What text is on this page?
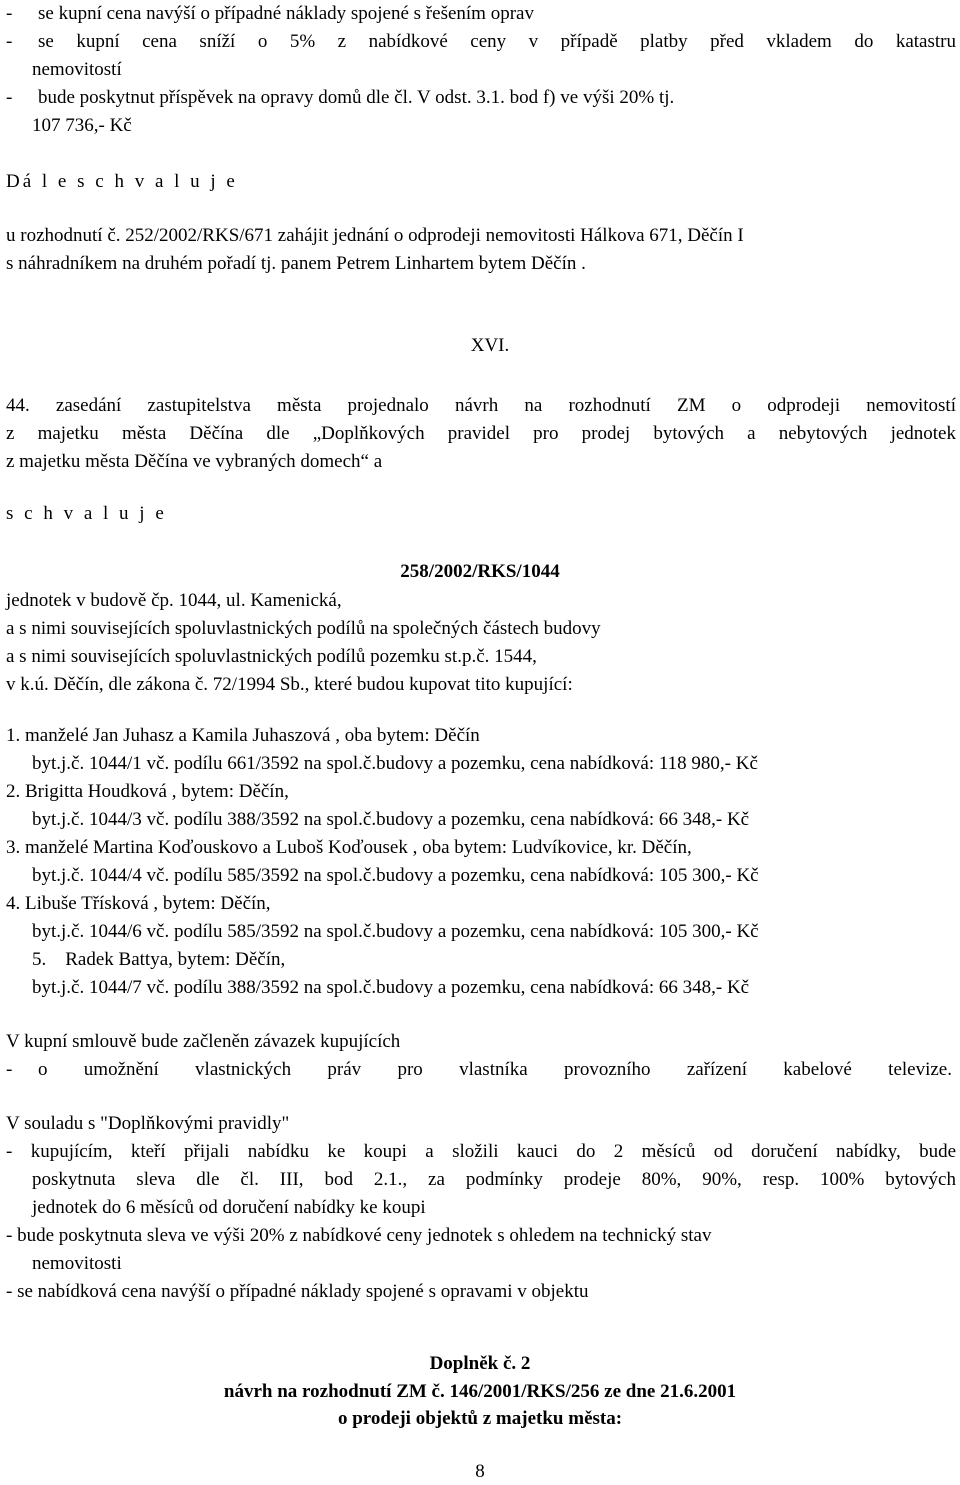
- se kupní cena navýší o případné náklady spojené s řešením oprav
- se kupní cena sníží o 5% z nabídkové ceny v případě platby před vkladem do katastru
nemovitostí
- bude poskytnut příspěvek na opravy domů dle čl. V odst. 3.1. bod f) ve výši 20% tj.
107 736,- Kč
Dá l e s c h v a l u j e
u rozhodnutí č. 252/2002/RKS/671 zahájit jednání o odprodeji nemovitosti Hálkova 671, Děčín I
s náhradníkem na druhém pořadí tj. panem Petrem Linhartem bytem Děčín .
XVI.
44. zasedání zastupitelstva města projednalo návrh na rozhodnutí ZM o odprodeji nemovitostí
z majetku města Děčína dle „Doplňkových pravidel pro prodej bytových a nebytových jednotek
z majetku města Děčína ve vybraných domech“ a
s c h v a l u j e
258/2002/RKS/1044
jednotek v budově čp. 1044, ul. Kamenická,
a s nimi souvisejících spoluvlastnických podílů na společných částech budovy
a s nimi souvisejících spoluvlastnických podílů pozemku st.p.č. 1544,
v k.ú. Děčín, dle zákona č. 72/1994 Sb., které budou kupovat tito kupující:
1. manželé Jan Juhasz a Kamila Juhaszová , oba bytem: Děčín
byt.j.č. 1044/1 vč. podílu 661/3592 na spol.č.budovy a pozemku, cena nabídková: 118 980,- Kč
2. Brigitta Houdková , bytem: Děčín,
byt.j.č. 1044/3 vč. podílu 388/3592 na spol.č.budovy a pozemku, cena nabídková: 66 348,- Kč
3. manželé Martina Koďouskovo a Luboš Koďousek , oba bytem: Ludvíkovice, kr. Děčín,
byt.j.č. 1044/4 vč. podílu 585/3592 na spol.č.budovy a pozemku, cena nabídková: 105 300,- Kč
4. Libuše Třísková , bytem: Děčín,
byt.j.č. 1044/6 vč. podílu 585/3592 na spol.č.budovy a pozemku, cena nabídková: 105 300,- Kč
5.    Radek Battya, bytem: Děčín,
byt.j.č. 1044/7 vč. podílu 388/3592 na spol.č.budovy a pozemku, cena nabídková: 66 348,- Kč
V kupní smlouvě bude začleněn závazek kupujících
- o umožnění vlastnických práv pro vlastníka provozního zařízení kabelové televize.
V souladu s "Doplňkovými pravidly"
- kupujícím, kteří přijali nabídku ke koupi a složili kauci do 2 měsíců od doručení nabídky, bude
poskytnuta sleva dle čl. III, bod 2.1., za podmínky prodeje 80%, 90%, resp. 100% bytových
jednotek do 6 měsíců od doručení nabídky ke koupi
- bude poskytnuta sleva ve výši 20% z nabídkové ceny jednotek s ohledem na technický stav
nemovitosti
- se nabídková cena navýší o případné náklady spojené s opravami v objektu
Doplněk č. 2
návrh na rozhodnutí ZM č. 146/2001/RKS/256 ze dne 21.6.2001
o prodeji objektů z majetku města:
8
